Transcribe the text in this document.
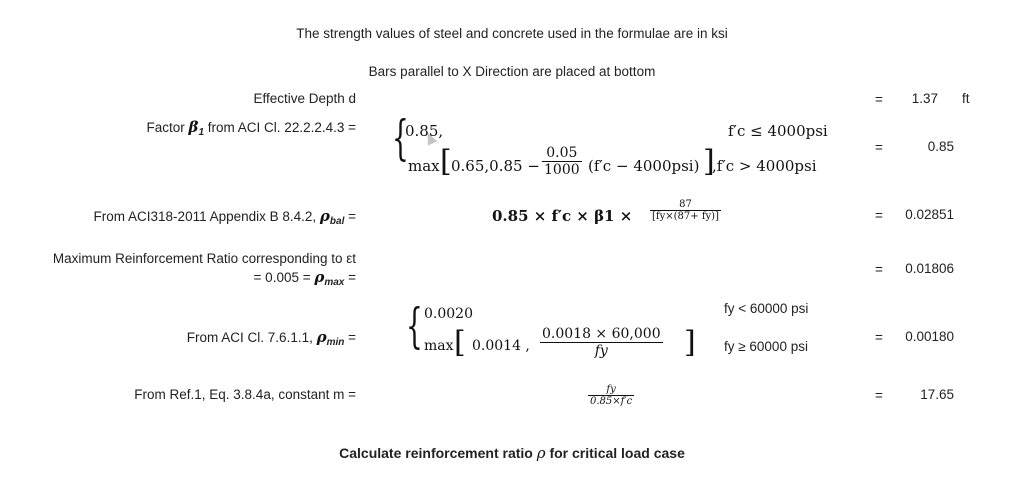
The strength values of steel and concrete used in the formulae are in ksi
Bars parallel to X Direction are placed at bottom
Effective Depth d	= 1.37 ft
Factor $\beta_1$ from ACI Cl. 22.2.2.4.3 = {
0.85,	f′c ≤ 4000psi
max [ $0.65,0.85 - \frac{0.05}{1000} (f'c - 4000psi)$ ]
,f′c > 4000psi
=	0.85
From ACI318-2011 Appendix B 8.4.2, $\rho_{bal}$ =	$0.85 \times f'c \times \beta 1 \times \frac{87}{[fy\times(87+ fy)]}$	= 0.02851
Maximum Reinforcement Ratio corresponding to εt
= $0.005 = \rho_{max}$ =
= 0.01806
From ACI Cl. 7.6.1.1, $\rho_{min}$ = { 0.0020
max [ 0.0014 , $\frac{0.0018 \times 60,000}{fy}$ ]
fy < 60000 psi
fy ≥ 60000 psi
= 0.00180
From Ref.1, Eq. 3.8.4a, constant m =	$\frac{fy}{0.85\times f'c}$	=	17.65
Calculate reinforcement ratio ρ for critical load case
